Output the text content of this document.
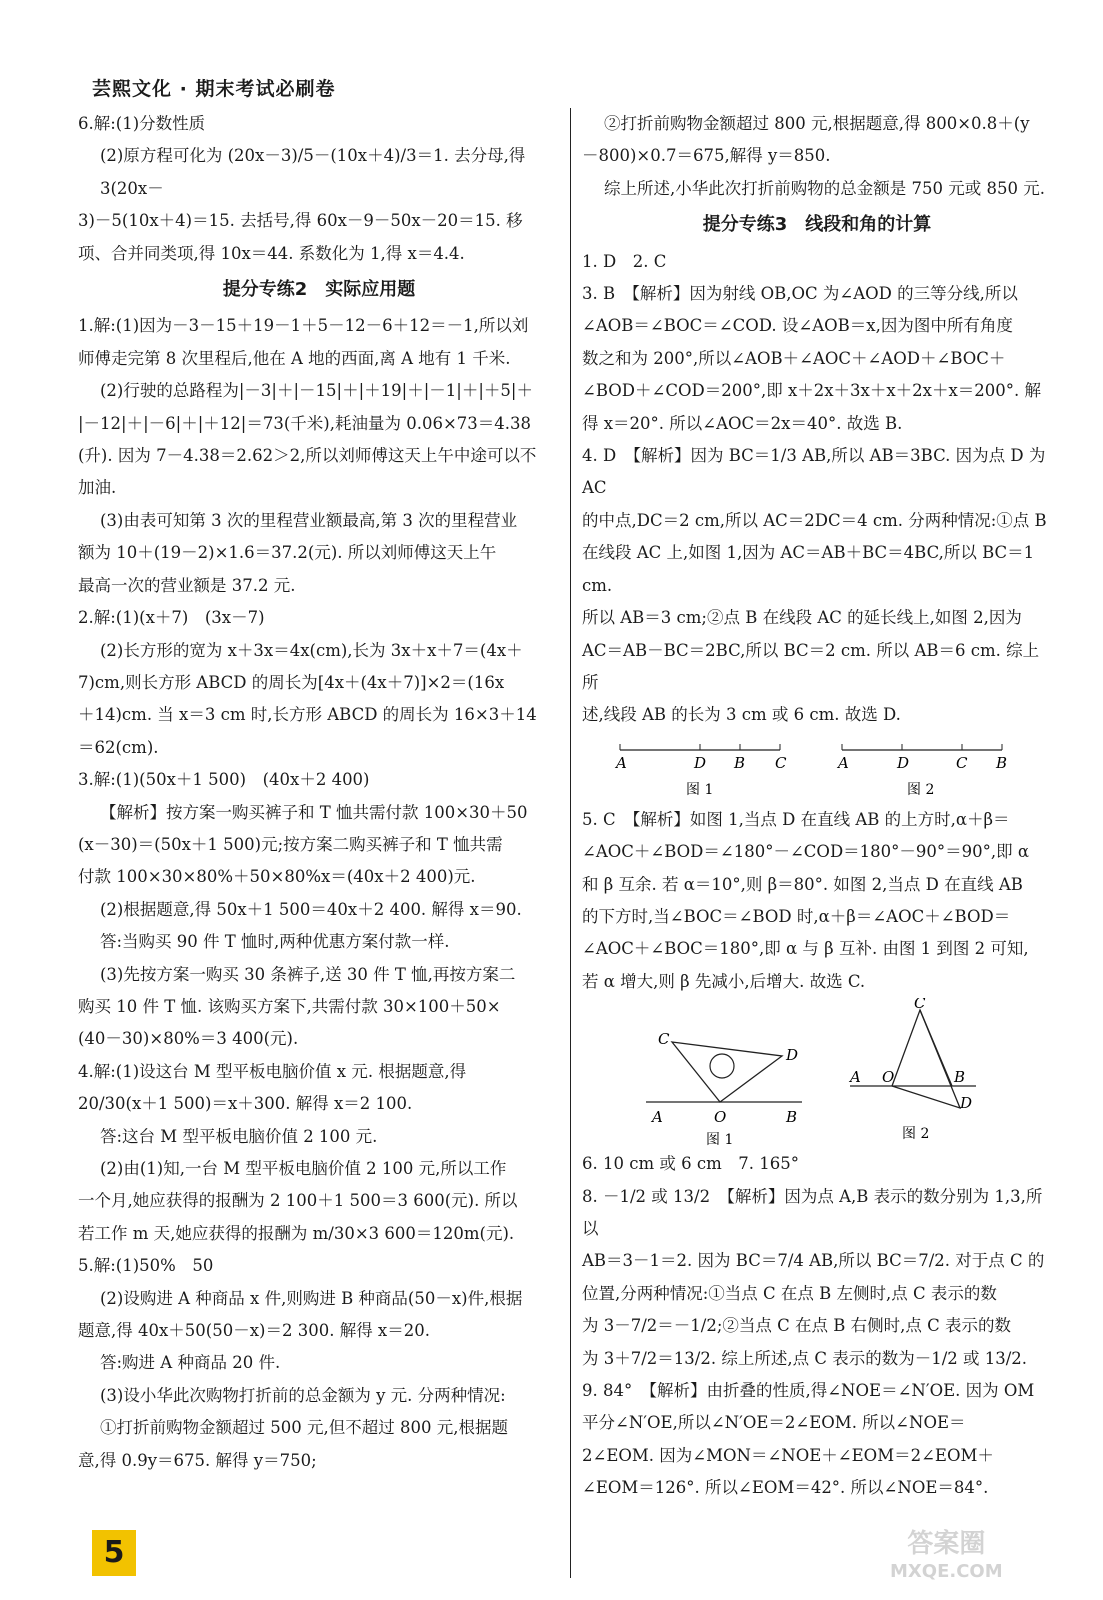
芸熙文化 · 期末考试必刷卷
6.解:(1)分数性质
(2)原方程可化为 (20x－3)/5－(10x＋4)/3＝1. 去分母,得 3(20x－
3)－5(10x＋4)＝15. 去括号,得 60x－9－50x－20＝15. 移
项、合并同类项,得 10x＝44. 系数化为 1,得 x＝4.4.
提分专练2　实际应用题
1.解:(1)因为－3－15＋19－1＋5－12－6＋12＝－1,所以刘
师傅走完第 8 次里程后,他在 A 地的西面,离 A 地有 1 千米.
(2)行驶的总路程为|－3|＋|－15|＋|＋19|＋|－1|＋|＋5|＋
|－12|＋|－6|＋|＋12|＝73(千米),耗油量为 0.06×73＝4.38
(升). 因为 7－4.38＝2.62＞2,所以刘师傅这天上午中途可以不
加油.
(3)由表可知第 3 次的里程营业额最高,第 3 次的里程营业
额为 10＋(19－2)×1.6＝37.2(元). 所以刘师傅这天上午
最高一次的营业额是 37.2 元.
2.解:(1)(x＋7)　(3x－7)
(2)长方形的宽为 x＋3x＝4x(cm),长为 3x＋x＋7＝(4x＋
7)cm,则长方形 ABCD 的周长为[4x＋(4x＋7)]×2＝(16x
＋14)cm. 当 x＝3 cm 时,长方形 ABCD 的周长为 16×3＋14
＝62(cm).
3.解:(1)(50x＋1 500)　(40x＋2 400)
【解析】按方案一购买裤子和 T 恤共需付款 100×30＋50
(x－30)＝(50x＋1 500)元;按方案二购买裤子和 T 恤共需
付款 100×30×80%＋50×80%x＝(40x＋2 400)元.
(2)根据题意,得 50x＋1 500＝40x＋2 400. 解得 x＝90.
答:当购买 90 件 T 恤时,两种优惠方案付款一样.
(3)先按方案一购买 30 条裤子,送 30 件 T 恤,再按方案二
购买 10 件 T 恤. 该购买方案下,共需付款 30×100＋50×
(40－30)×80%＝3 400(元).
4.解:(1)设这台 M 型平板电脑价值 x 元. 根据题意,得
20/30(x＋1 500)＝x＋300. 解得 x＝2 100.
答:这台 M 型平板电脑价值 2 100 元.
(2)由(1)知,一台 M 型平板电脑价值 2 100 元,所以工作
一个月,她应获得的报酬为 2 100＋1 500＝3 600(元). 所以
若工作 m 天,她应获得的报酬为 m/30×3 600＝120m(元).
5.解:(1)50%　50
(2)设购进 A 种商品 x 件,则购进 B 种商品(50－x)件,根据
题意,得 40x＋50(50－x)＝2 300. 解得 x＝20.
答:购进 A 种商品 20 件.
(3)设小华此次购物打折前的总金额为 y 元. 分两种情况:
①打折前购物金额超过 500 元,但不超过 800 元,根据题
意,得 0.9y＝675. 解得 y＝750;
②打折前购物金额超过 800 元,根据题意,得 800×0.8＋(y
－800)×0.7＝675,解得 y＝850.
综上所述,小华此次打折前购物的总金额是 750 元或 850 元.
提分专练3　线段和角的计算
1. D　2. C
3. B　【解析】因为射线 OB,OC 为∠AOD 的三等分线,所以
∠AOB＝∠BOC＝∠COD. 设∠AOB＝x,因为图中所有角度
数之和为 200°,所以∠AOB＋∠AOC＋∠AOD＋∠BOC＋
∠BOD＋∠COD＝200°,即 x＋2x＋3x＋x＋2x＋x＝200°. 解
得 x＝20°. 所以∠AOC＝2x＝40°. 故选 B.
4. D　【解析】因为 BC＝1/3 AB,所以 AB＝3BC. 因为点 D 为 AC
的中点,DC＝2 cm,所以 AC＝2DC＝4 cm. 分两种情况:①点 B
在线段 AC 上,如图 1,因为 AC＝AB＋BC＝4BC,所以 BC＝1 cm.
所以 AB＝3 cm;②点 B 在线段 AC 的延长线上,如图 2,因为
AC＝AB－BC＝2BC,所以 BC＝2 cm. 所以 AB＝6 cm. 综上所
述,线段 AB 的长为 3 cm 或 6 cm. 故选 D.
A	D B C
图 1
A	D	C B
图 2
5. C　【解析】如图 1,当点 D 在直线 AB 的上方时,α＋β＝
∠AOC＋∠BOD＝∠180°－∠COD＝180°－90°＝90°,即 α
和 β 互余. 若 α＝10°,则 β＝80°. 如图 2,当点 D 在直线 AB
的下方时,当∠BOC＝∠BOD 时,α＋β＝∠AOC＋∠BOD＝
∠AOC＋∠BOC＝180°,即 α 与 β 互补. 由图 1 到图 2 可知,
若 α 增大,则 β 先减小,后增大. 故选 C.
C
D
A	O	B
图 1
C
A O	B
D
图 2
6. 10 cm 或 6 cm　7. 165°
8. －1/2 或 13/2　【解析】因为点 A,B 表示的数分别为 1,3,所以
AB＝3－1＝2. 因为 BC＝7/4 AB,所以 BC＝7/2. 对于点 C 的
位置,分两种情况:①当点 C 在点 B 左侧时,点 C 表示的数
为 3－7/2＝－1/2;②当点 C 在点 B 右侧时,点 C 表示的数
为 3＋7/2＝13/2. 综上所述,点 C 表示的数为－1/2 或 13/2.
9. 84°　【解析】由折叠的性质,得∠NOE＝∠N′OE. 因为 OM
平分∠N′OE,所以∠N′OE＝2∠EOM. 所以∠NOE＝
2∠EOM. 因为∠MON＝∠NOE＋∠EOM＝2∠EOM＋
∠EOM＝126°. 所以∠EOM＝42°. 所以∠NOE＝84°.
5	答案圈
MXQE.COM
